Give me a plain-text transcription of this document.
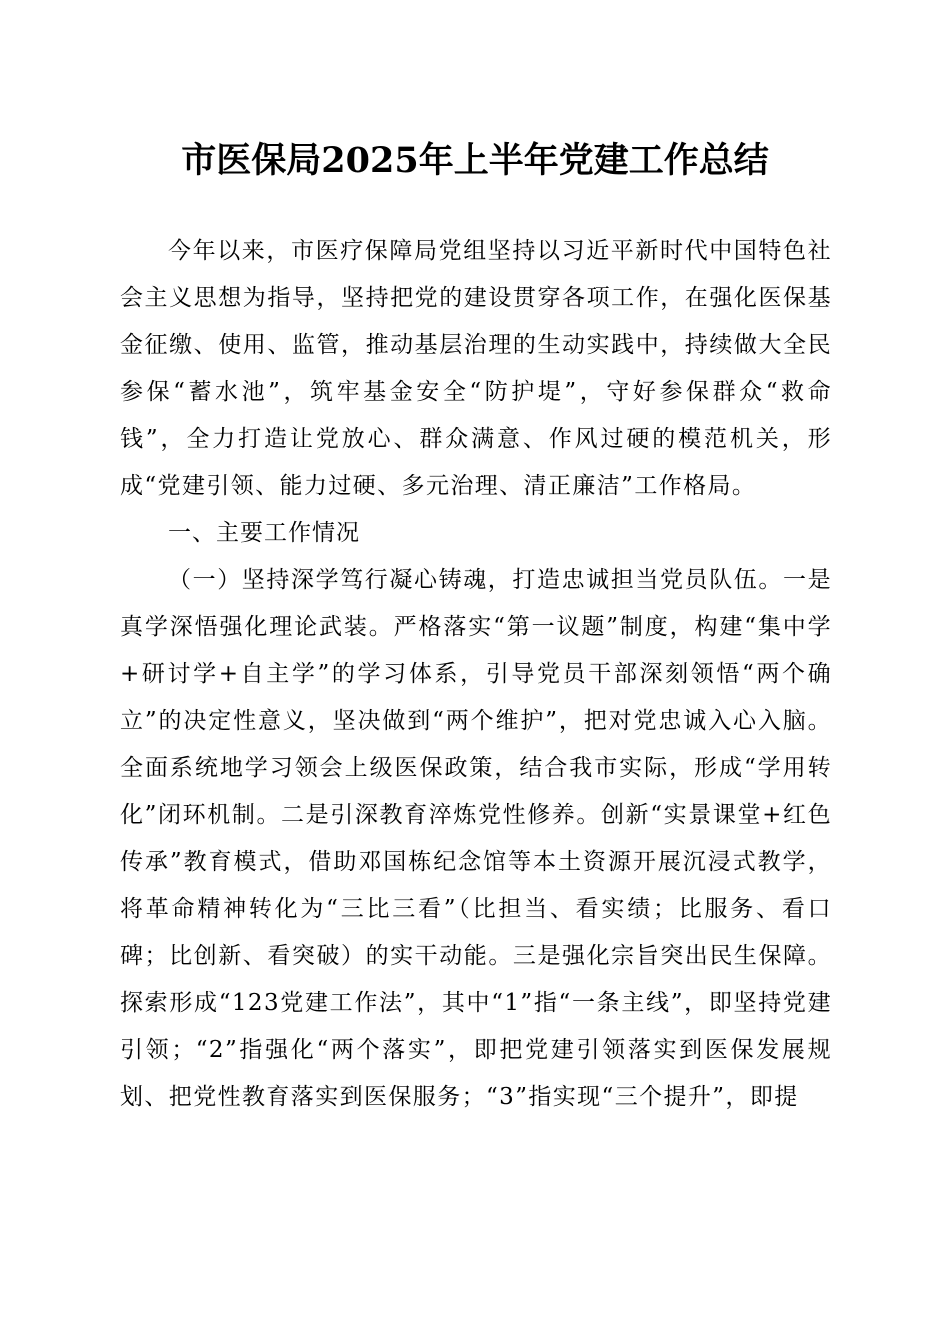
市医保局2025年上半年党建工作总结

今年以来，市医疗保障局党组坚持以习近平新时代中国特色社会主义思想为指导，坚持把党的建设贯穿各项工作，在强化医保基金征缴、使用、监管，推动基层治理的生动实践中，持续做大全民参保“蓄水池”，筑牢基金安全“防护堤”，守好参保群众“救命钱”，全力打造让党放心、群众满意、作风过硬的模范机关，形成“党建引领、能力过硬、多元治理、清正廉洁”工作格局。

一、主要工作情况

（一）坚持深学笃行凝心铸魂，打造忠诚担当党员队伍。一是真学深悟强化理论武装。严格落实“第一议题”制度，构建“集中学+研讨学+自主学”的学习体系，引导党员干部深刻领悟“两个确立”的决定性意义，坚决做到“两个维护”，把对党忠诚入心入脑。全面系统地学习领会上级医保政策，结合我市实际，形成“学用转化”闭环机制。二是引深教育淬炼党性修养。创新“实景课堂+红色传承”教育模式，借助邓国栋纪念馆等本土资源开展沉浸式教学，将革命精神转化为“三比三看”（比担当、看实绩；比服务、看口碑；比创新、看突破）的实干动能。三是强化宗旨突出民生保障。探索形成“123党建工作法”，其中“1”指“一条主线”，即坚持党建引领；“2”指强化“两个落实”，即把党建引领落实到医保发展规划、把党性教育落实到医保服务；“3”指实现“三个提升”，即提
